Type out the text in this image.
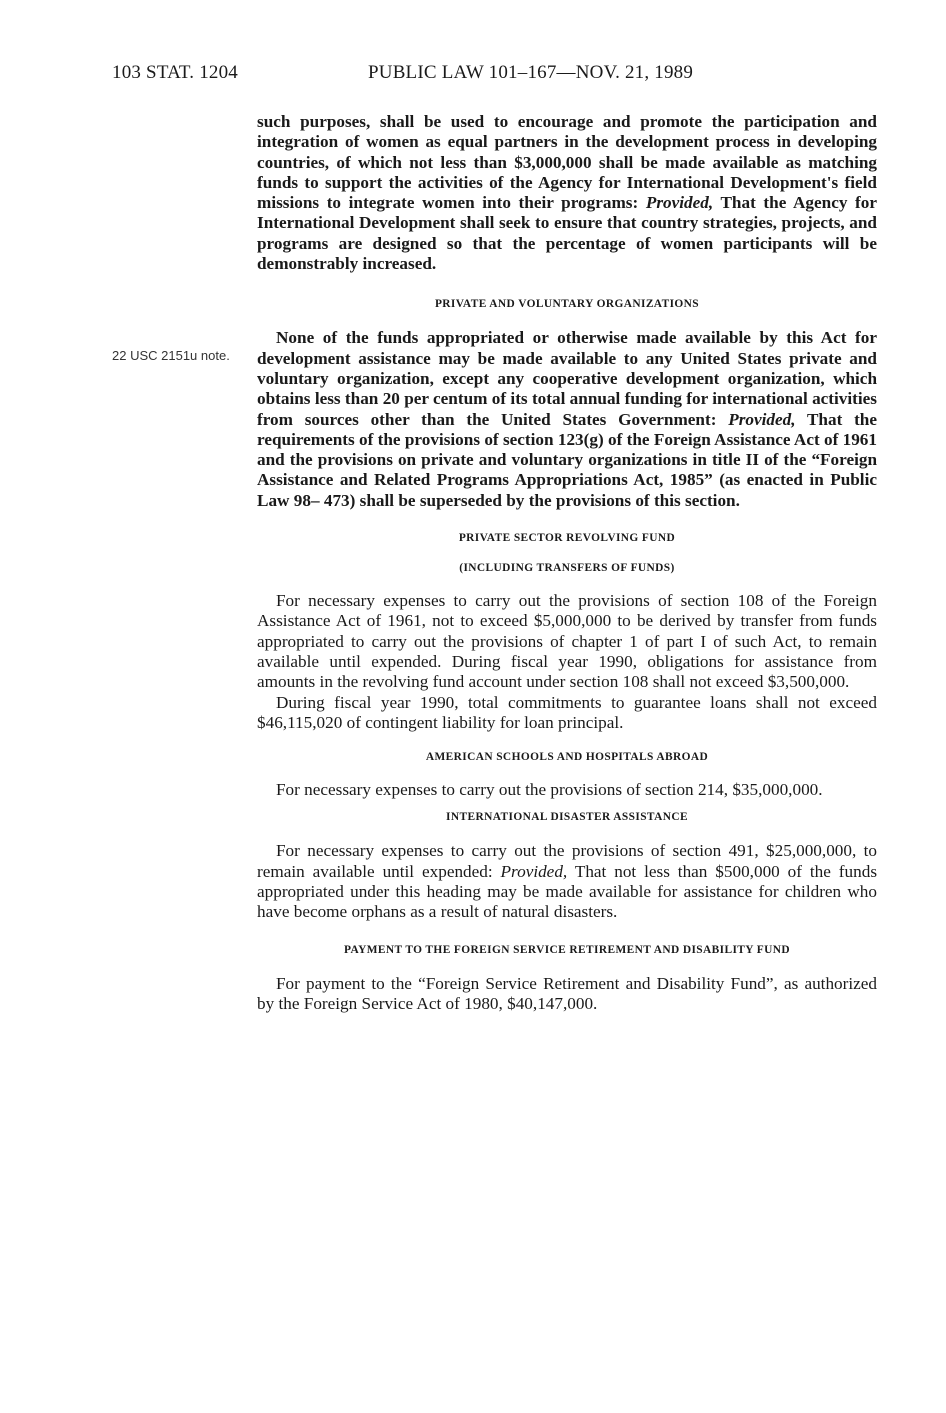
103 STAT. 1204	PUBLIC LAW 101–167—NOV. 21, 1989
22 USC 2151u note.

such purposes, shall be used to encourage and promote the participation and integration of women as equal partners in the development process in developing countries, of which not less than $3,000,000 shall be made available as matching funds to support the activities of the Agency for International Development's field missions to integrate women into their programs: Provided, That the Agency for International Development shall seek to ensure that country strategies, projects, and programs are designed so that the percentage of women participants will be demonstrably increased.

PRIVATE AND VOLUNTARY ORGANIZATIONS

None of the funds appropriated or otherwise made available by this Act for development assistance may be made available to any United States private and voluntary organization, except any cooperative development organization, which obtains less than 20 per centum of its total annual funding for international activities from sources other than the United States Government: Provided, That the requirements of the provisions of section 123(g) of the Foreign Assistance Act of 1961 and the provisions on private and voluntary organizations in title II of the “Foreign Assistance and Related Programs Appropriations Act, 1985” (as enacted in Public Law 98– 473) shall be superseded by the provisions of this section.

PRIVATE SECTOR REVOLVING FUND
(INCLUDING TRANSFERS OF FUNDS)

For necessary expenses to carry out the provisions of section 108 of the Foreign Assistance Act of 1961, not to exceed $5,000,000 to be derived by transfer from funds appropriated to carry out the provisions of chapter 1 of part I of such Act, to remain available until expended. During fiscal year 1990, obligations for assistance from amounts in the revolving fund account under section 108 shall not exceed $3,500,000.

During fiscal year 1990, total commitments to guarantee loans shall not exceed $46,115,020 of contingent liability for loan principal.

AMERICAN SCHOOLS AND HOSPITALS ABROAD

For necessary expenses to carry out the provisions of section 214, $35,000,000.

INTERNATIONAL DISASTER ASSISTANCE

For necessary expenses to carry out the provisions of section 491, $25,000,000, to remain available until expended: Provided, That not less than $500,000 of the funds appropriated under this heading may be made available for assistance for children who have become orphans as a result of natural disasters.

PAYMENT TO THE FOREIGN SERVICE RETIREMENT AND DISABILITY FUND

For payment to the “Foreign Service Retirement and Disability Fund”, as authorized by the Foreign Service Act of 1980, $40,147,000.
